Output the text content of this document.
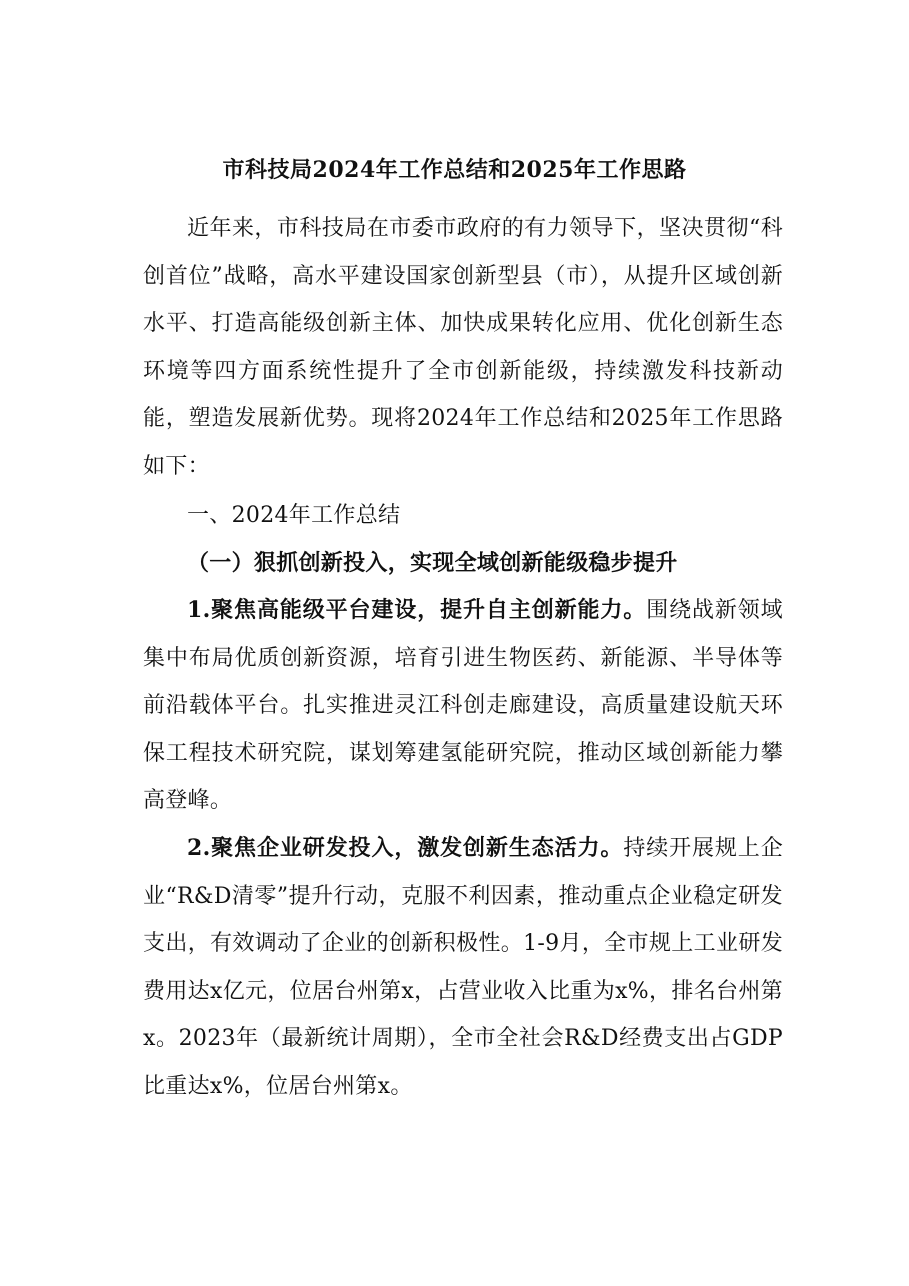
市科技局2024年工作总结和2025年工作思路
近年来，市科技局在市委市政府的有力领导下，坚决贯彻“科创首位”战略，高水平建设国家创新型县（市），从提升区域创新水平、打造高能级创新主体、加快成果转化应用、优化创新生态环境等四方面系统性提升了全市创新能级，持续激发科技新动能，塑造发展新优势。现将2024年工作总结和2025年工作思路如下：
一、2024年工作总结
（一）狠抓创新投入，实现全域创新能级稳步提升
1.聚焦高能级平台建设，提升自主创新能力。围绕战新领域集中布局优质创新资源，培育引进生物医药、新能源、半导体等前沿载体平台。扎实推进灵江科创走廊建设，高质量建设航天环保工程技术研究院，谋划筹建氢能研究院，推动区域创新能力攀高登峰。
2.聚焦企业研发投入，激发创新生态活力。持续开展规上企业“R&D清零”提升行动，克服不利因素，推动重点企业稳定研发支出，有效调动了企业的创新积极性。1-9月，全市规上工业研发费用达x亿元，位居台州第x，占营业收入比重为x%，排名台州第x。2023年（最新统计周期），全市全社会R&D经费支出占GDP比重达x%，位居台州第x。
